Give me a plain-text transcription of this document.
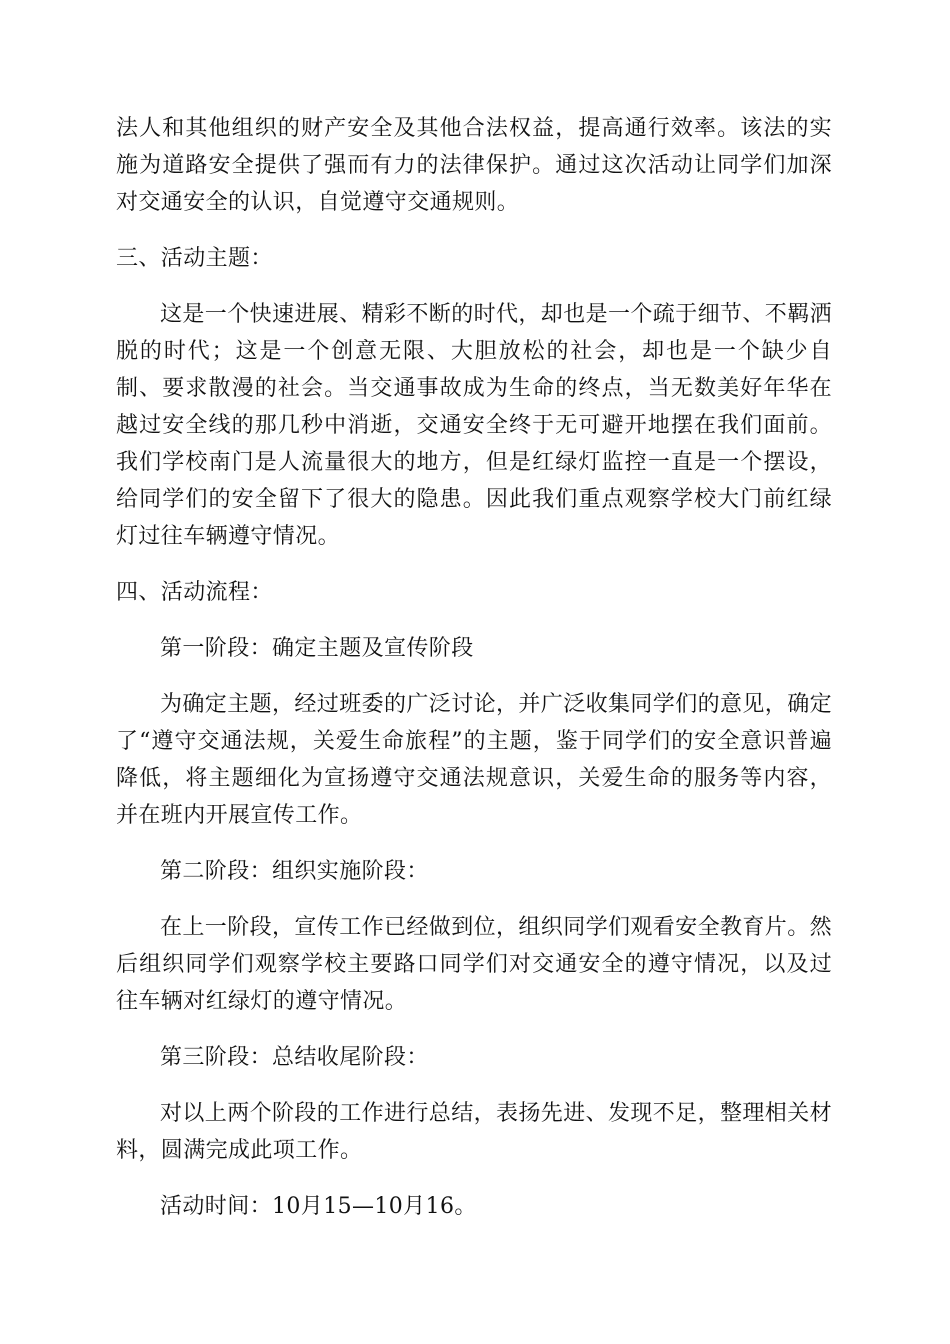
法人和其他组织的财产安全及其他合法权益，提高通行效率。该法的实施为道路安全提供了强而有力的法律保护。通过这次活动让同学们加深对交通安全的认识，自觉遵守交通规则。

三、活动主题：

这是一个快速进展、精彩不断的时代，却也是一个疏于细节、不羁洒脱的时代；这是一个创意无限、大胆放松的社会，却也是一个缺少自制、要求散漫的社会。当交通事故成为生命的终点，当无数美好年华在越过安全线的那几秒中消逝，交通安全终于无可避开地摆在我们面前。我们学校南门是人流量很大的地方，但是红绿灯监控一直是一个摆设，给同学们的安全留下了很大的隐患。因此我们重点观察学校大门前红绿灯过往车辆遵守情况。

四、活动流程：

第一阶段：确定主题及宣传阶段

为确定主题，经过班委的广泛讨论，并广泛收集同学们的意见，确定了“遵守交通法规，关爱生命旅程”的主题，鉴于同学们的安全意识普遍降低，将主题细化为宣扬遵守交通法规意识，关爱生命的服务等内容，并在班内开展宣传工作。

第二阶段：组织实施阶段：

在上一阶段，宣传工作已经做到位，组织同学们观看安全教育片。然后组织同学们观察学校主要路口同学们对交通安全的遵守情况，以及过往车辆对红绿灯的遵守情况。

第三阶段：总结收尾阶段：

对以上两个阶段的工作进行总结，表扬先进、发现不足，整理相关材料，圆满完成此项工作。

活动时间：10月15—10月16。
